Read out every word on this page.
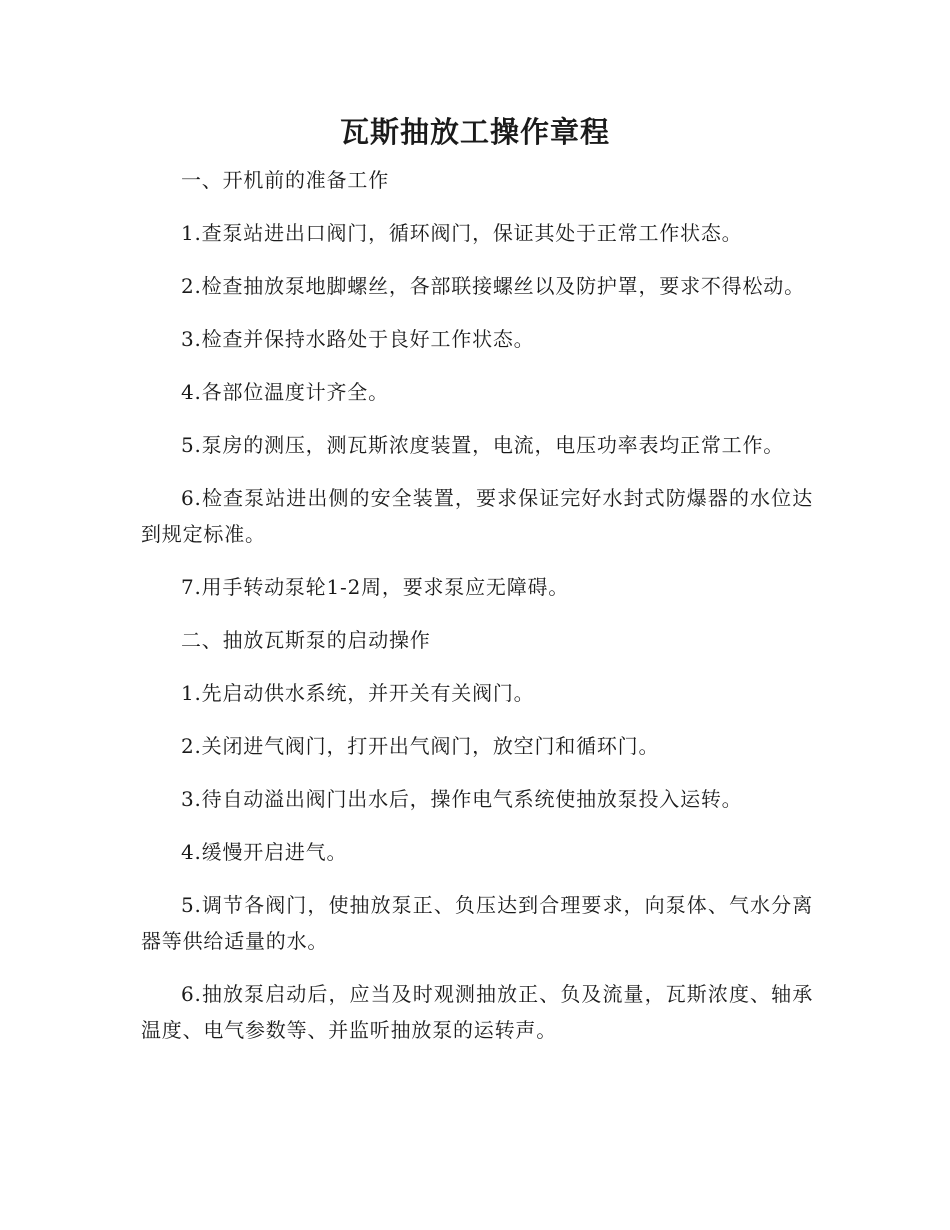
瓦斯抽放工操作章程

一、开机前的准备工作

1.查泵站进出口阀门，循环阀门，保证其处于正常工作状态。

2.检查抽放泵地脚螺丝，各部联接螺丝以及防护罩，要求不得松动。

3.检查并保持水路处于良好工作状态。

4.各部位温度计齐全。

5.泵房的测压，测瓦斯浓度装置，电流，电压功率表均正常工作。

6.检查泵站进出侧的安全装置，要求保证完好水封式防爆器的水位达到规定标准。

7.用手转动泵轮1-2周，要求泵应无障碍。

二、抽放瓦斯泵的启动操作

1.先启动供水系统，并开关有关阀门。

2.关闭进气阀门，打开出气阀门，放空门和循环门。

3.待自动溢出阀门出水后，操作电气系统使抽放泵投入运转。

4.缓慢开启进气。

5.调节各阀门，使抽放泵正、负压达到合理要求，向泵体、气水分离器等供给适量的水。

6.抽放泵启动后，应当及时观测抽放正、负及流量，瓦斯浓度、轴承温度、电气参数等、并监听抽放泵的运转声。
